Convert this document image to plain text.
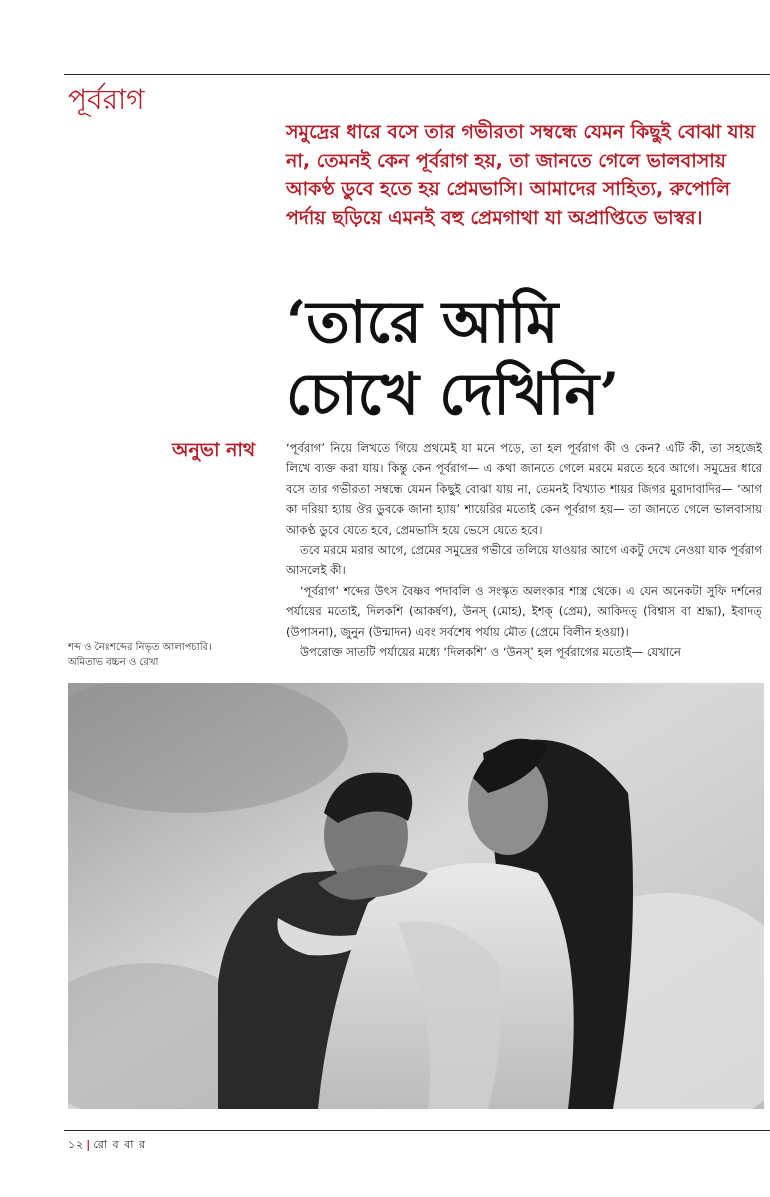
পূর্বরাগ

সমুদ্রের ধারে বসে তার গভীরতা সম্বন্ধে যেমন কিছুই বোঝা যায় না, তেমনই কেন পূর্বরাগ হয়, তা জানতে গেলে ভালবাসায় আকণ্ঠ ডুবে হতে হয় প্রেমভাসি। আমাদের সাহিত্য, রুপোলি পর্দায় ছড়িয়ে এমনই বহু প্রেমগাথা যা অপ্রাপ্তিতে ভাস্বর।

‘তারে আমি
চোখে দেখিনি’
অনুভা নাথ	‘পূর্বরাগ’ নিয়ে লিখতে গিয়ে প্রথমেই যা মনে পড়ে, তা হল পূর্বরাগ কী ও কেন? এটি কী, তা সহজেই লিখে ব্যক্ত করা যায়। কিন্তু কেন পূর্বরাগ— এ কথা জানতে গেলে মরমে মরতে হবে আগে। সমুদ্রের ধারে বসে তার গভীরতা সম্বন্ধে যেমন কিছুই বোঝা যায় না, তেমনই বিখ্যাত শায়র জিগর মুরাদাবাদির— ‘আগ কা দরিয়া হ্যায় ঔর ডুবকে জানা হ্যায়’ শায়েরির মতোই কেন পূর্বরাগ হয়— তা জানতে গেলে ভালবাসায় আকণ্ঠ ডুবে যেতে হবে, প্রেমভাসি হয়ে ভেসে যেতে হবে।

তবে মরমে মরার আগে, প্রেমের সমুদ্রের গভীরে তলিয়ে যাওয়ার আগে একটু দেখে নেওয়া যাক পূর্বরাগ আসলেই কী।

‘পূর্বরাগ’ শব্দের উৎস বৈষ্ণব পদাবলি ও সংস্কৃত অলংকার শাস্ত্র থেকে। এ যেন অনেকটা সুফি দর্শনের পর্যায়ের মতোই, দিলকশি (আকর্ষণ), উনস্ (মোহ), ইশক্ (প্রেম), আকিদত্ (বিশ্বাস বা শ্রদ্ধা), ইবাদত্ (উপাসনা), জুনুন (উন্মাদন) এবং সর্বশেষ পর্যায় মৌত (প্রেমে বিলীন হওয়া)।

উপরোক্ত সাতটি পর্যায়ের মধ্যে ‘দিলকশি’ ও ‘উনস্’ হল পূর্বরাগের মতোই— যেখানে

শব্দ ও নৈঃশব্দের নিভৃত আলাপচারি।
অমিতাভ বচ্চন ও রেখা
১২ | রো ব বা র
